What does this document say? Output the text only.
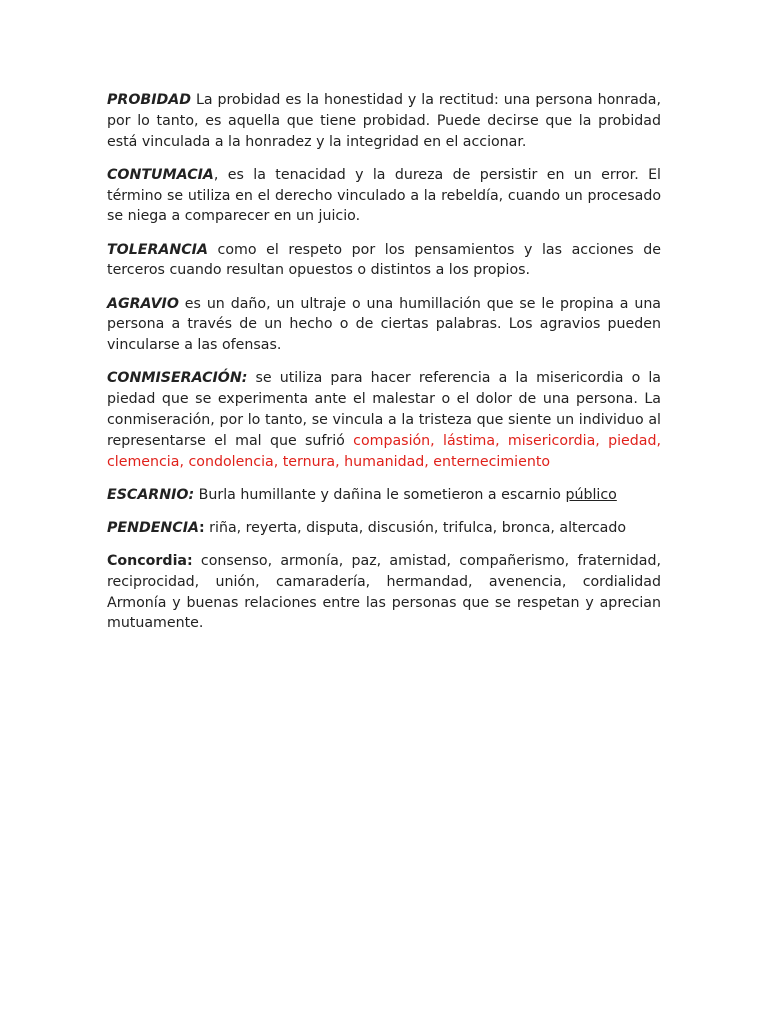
PROBIDAD La probidad es la honestidad y la rectitud: una persona honrada, por lo tanto, es aquella que tiene probidad. Puede decirse que la probidad está vinculada a la honradez y la integridad en el accionar.

CONTUMACIA, es la tenacidad y la dureza de persistir en un error. El término se utiliza en el derecho vinculado a la rebeldía, cuando un procesado se niega a comparecer en un juicio.

TOLERANCIA como el respeto por los pensamientos y las acciones de terceros cuando resultan opuestos o distintos a los propios.

AGRAVIO es un daño, un ultraje o una humillación que se le propina a una persona a través de un hecho o de ciertas palabras. Los agravios pueden vincularse a las ofensas.

CONMISERACIÓN: se utiliza para hacer referencia a la misericordia o la piedad que se experimenta ante el malestar o el dolor de una persona. La conmiseración, por lo tanto, se vincula a la tristeza que siente un individuo al representarse el mal que sufrió compasión, lástima, misericordia, piedad, clemencia, condolencia, ternura, humanidad, enternecimiento

ESCARNIO: Burla humillante y dañina le sometieron a escarnio público

PENDENCIA: riña, reyerta, disputa, discusión, trifulca, bronca, altercado

Concordia: consenso, armonía, paz, amistad, compañerismo, fraternidad, reciprocidad, unión, camaradería, hermandad, avenencia, cordialidad Armonía y buenas relaciones entre las personas que se respetan y aprecian mutuamente.
